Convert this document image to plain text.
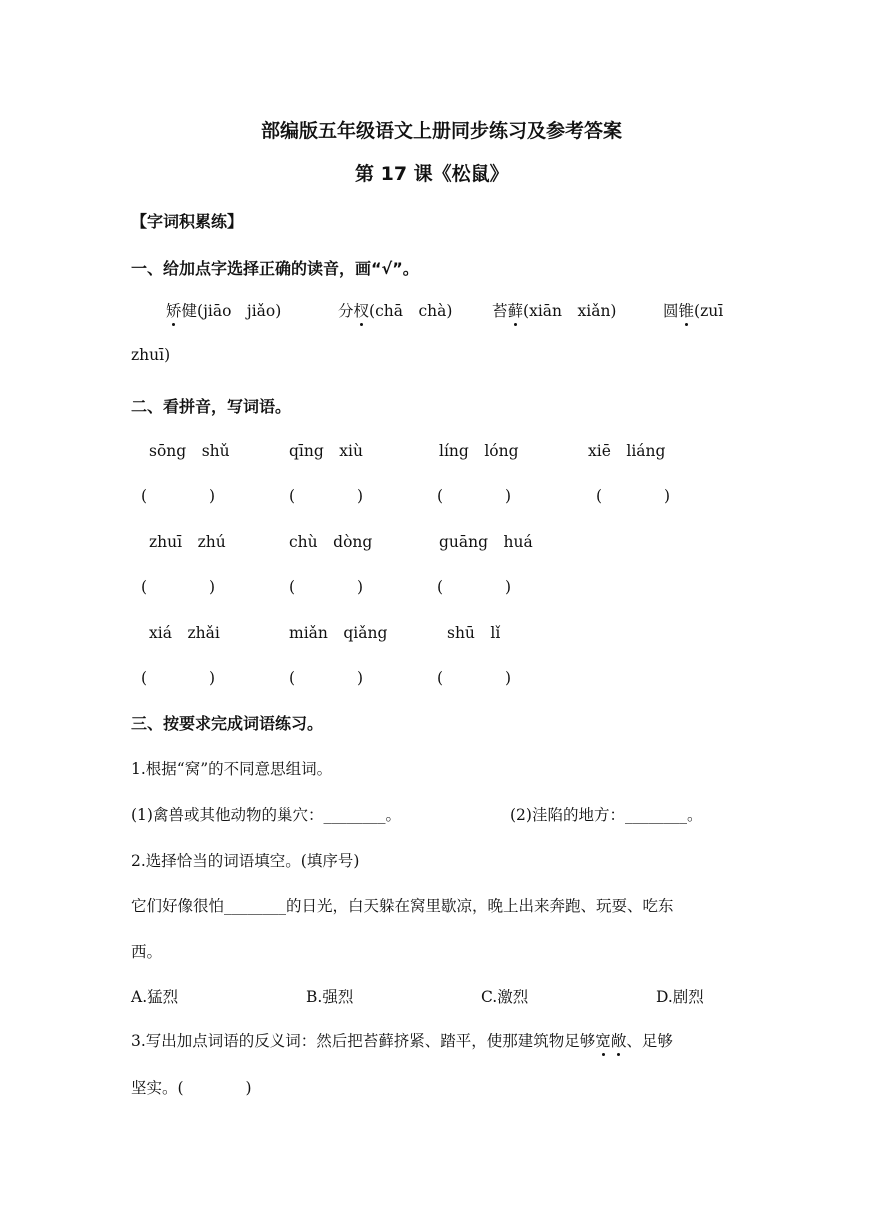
部编版五年级语文上册同步练习及参考答案
第 17 课《松鼠》
【字词积累练】
一、给加点字选择正确的读音，画“√”。
矫健(jiāo　jiǎo)	分杈(chā　chà)	苔藓(xiān　xiǎn)	圆锥(zuī
zhuī)
二、看拼音，写词语。
sōng　shǔ	qīng　xiù	líng　lóng	xiē　liáng
(　　　　)	(　　　　)	(　　　　)	(　　　　)
zhuī　zhú	chù　dòng	guāng　huá
(　　　　)	(　　　　)	(　　　　)
xiá　zhǎi	miǎn　qiǎng	shū　lǐ
(　　　　)	(　　　　)	(　　　　)
三、按要求完成词语练习。
1.根据“窝”的不同意思组词。
(1)禽兽或其他动物的巢穴：________。	(2)洼陷的地方：________。
2.选择恰当的词语填空。(填序号)
它们好像很怕________的日光，白天躲在窝里歇凉，晚上出来奔跑、玩耍、吃东
西。
A.猛烈	B.强烈	C.激烈	D.剧烈
3.写出加点词语的反义词：然后把苔藓挤紧、踏平，使那建筑物足够宽敞、足够
坚实。(　　　　)
